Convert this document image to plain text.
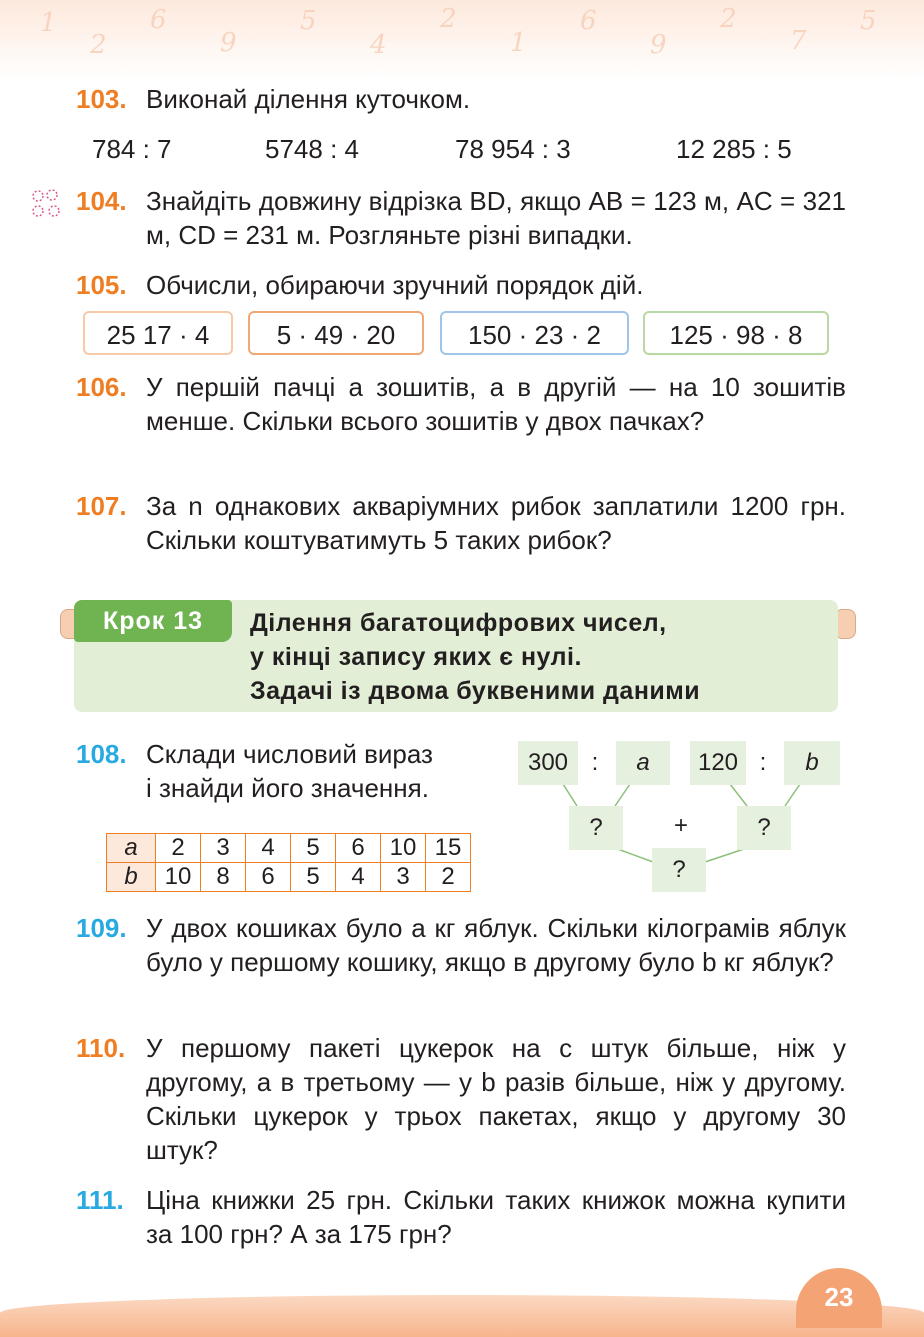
1
2
6
9
5
4
2
1
6
9
2
7
5
103. Виконай ділення куточком.
784 : 7	5748 : 4	78 954 : 3	12 285 : 5
104. Знайдіть довжину відрізка BD, якщо AB = 123 м, AC = 321 м, CD = 231 м. Розгляньте різні випадки.
105. Обчисли, обираючи зручний порядок дій.
25 17 · 4	5 · 49 · 20	150 · 23 · 2	125 · 98 · 8
106. У першій пачці a зошитів, а в другій — на 10 зошитів менше. Скільки всього зошитів у двох пачках?
107. За n однакових акваріумних рибок заплатили 1200 грн. Скільки коштуватимуть 5 таких рибок?
Крок 13	Ділення багатоцифрових чисел,
у кінці запису яких є нулі.
Задачі із двома буквеними даними
108. Склади числовий вираз
і знайди його значення.
a	2	3	4	5	6	10	15
b	10	8	6	5	4	3	2
300 :	a	120 :	b
?	+	?
?
109. У двох кошиках було a кг яблук. Скільки кілограмів яблук було у першому кошику, якщо в другому було b кг яблук?
110. У першому пакеті цукерок на c штук більше, ніж у другому, а в третьому — у b разів більше, ніж у другому. Скільки цукерок у трьох пакетах, якщо у другому 30 штук?
111. Ціна книжки 25 грн. Скільки таких книжок можна купити за 100 грн? А за 175 грн?
23
